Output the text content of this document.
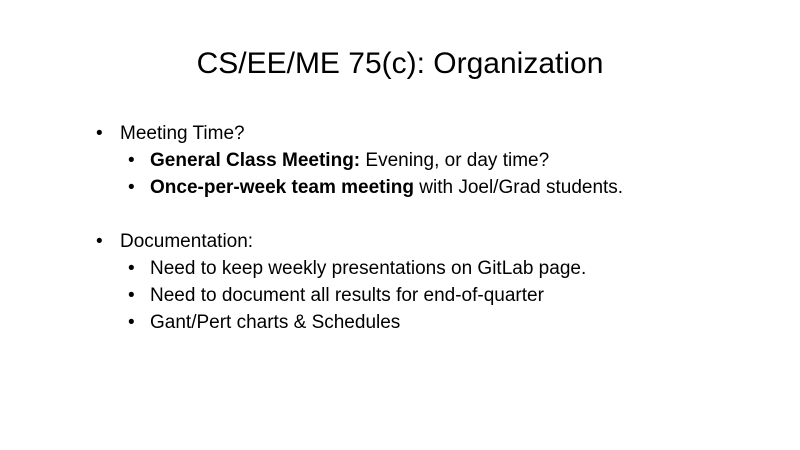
CS/EE/ME 75(c): Organization
• Meeting Time?
• General Class Meeting: Evening, or day time?
• Once-per-week team meeting with Joel/Grad students.
• Documentation:
• Need to keep weekly presentations on GitLab page.
• Need to document all results for end-of-quarter
• Gant/Pert charts & Schedules
